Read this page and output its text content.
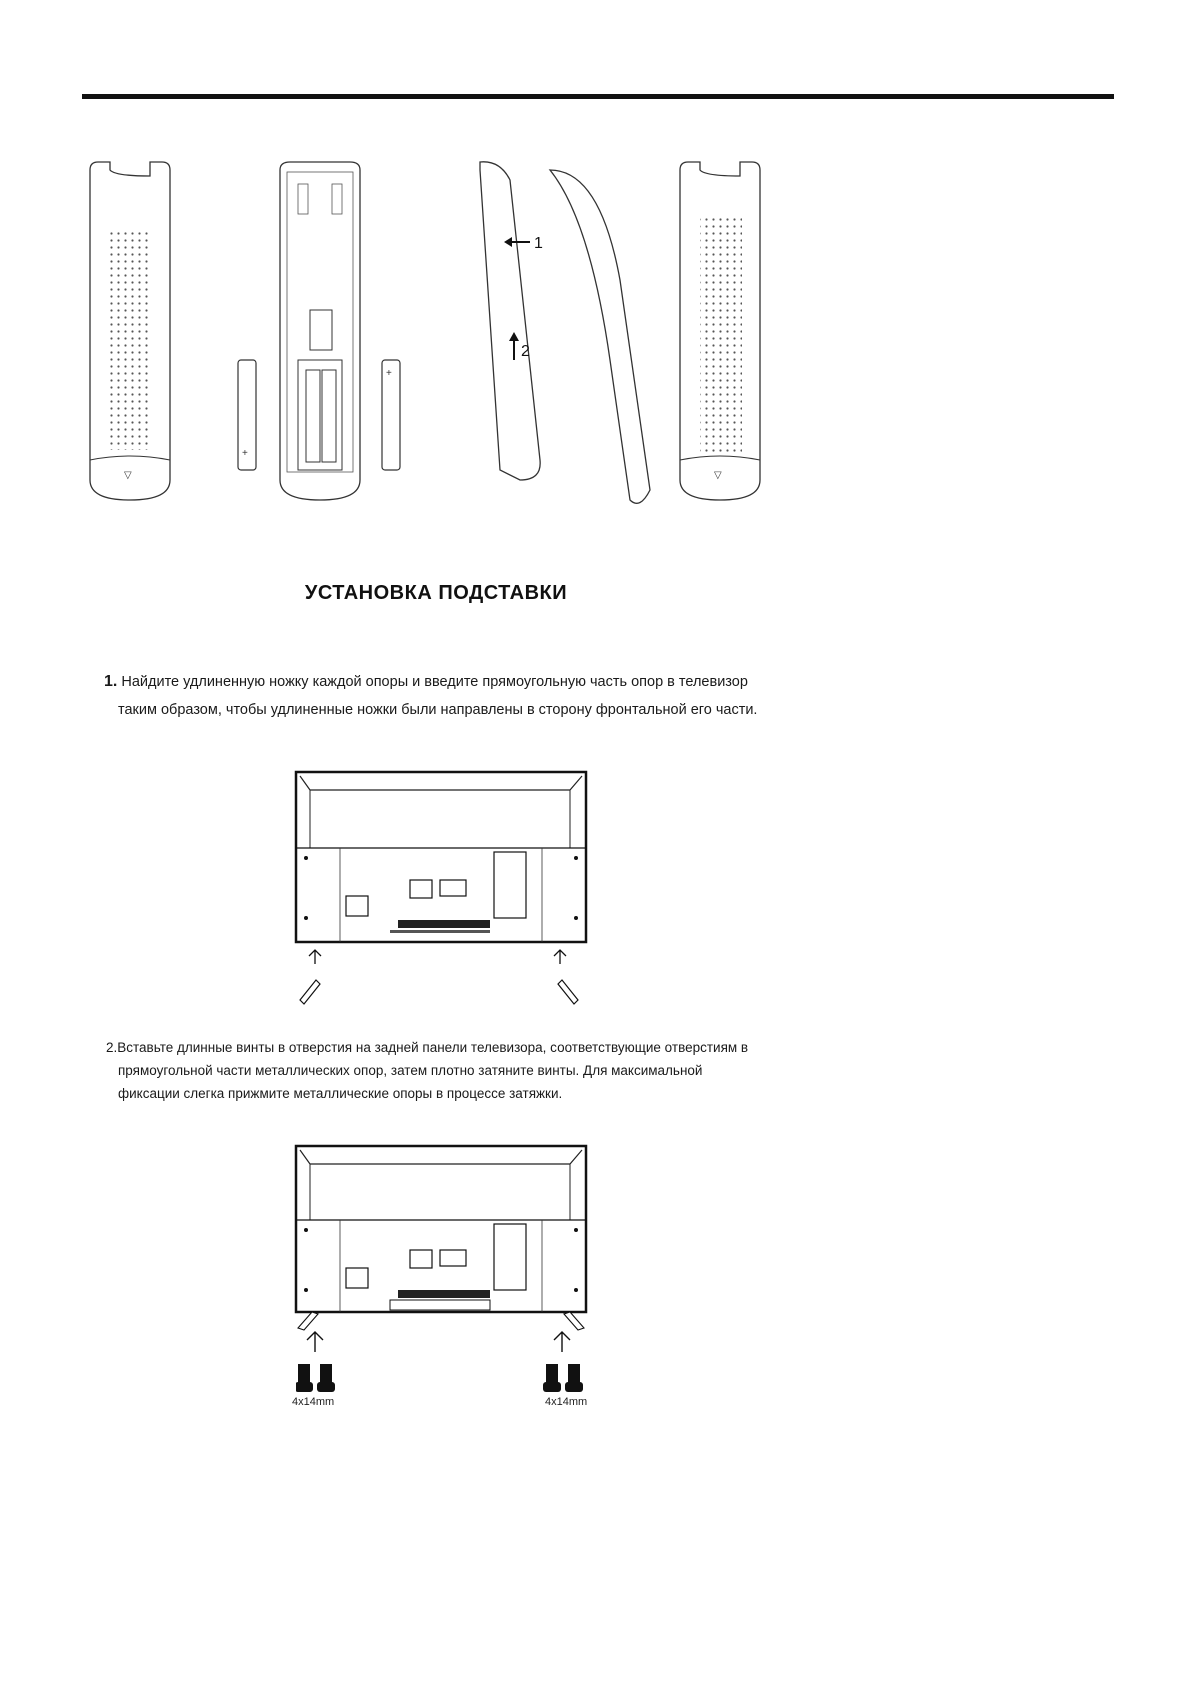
▽
+
+
1
2
▽
УСТАНОВКА ПОДСТАВКИ
1. Найдите удлиненную ножку каждой опоры и введите прямоугольную часть опор в телевизор
таким образом, чтобы удлиненные ножки были направлены в сторону фронтальной его части.
2.Вставьте длинные винты в отверстия на задней панели телевизора, соответствующие отверстиям в
прямоугольной части металлических опор, затем плотно затяните винты. Для максимальной
фиксации слегка прижмите металлические опоры в процессе затяжки.
4x14mm	4x14mm
